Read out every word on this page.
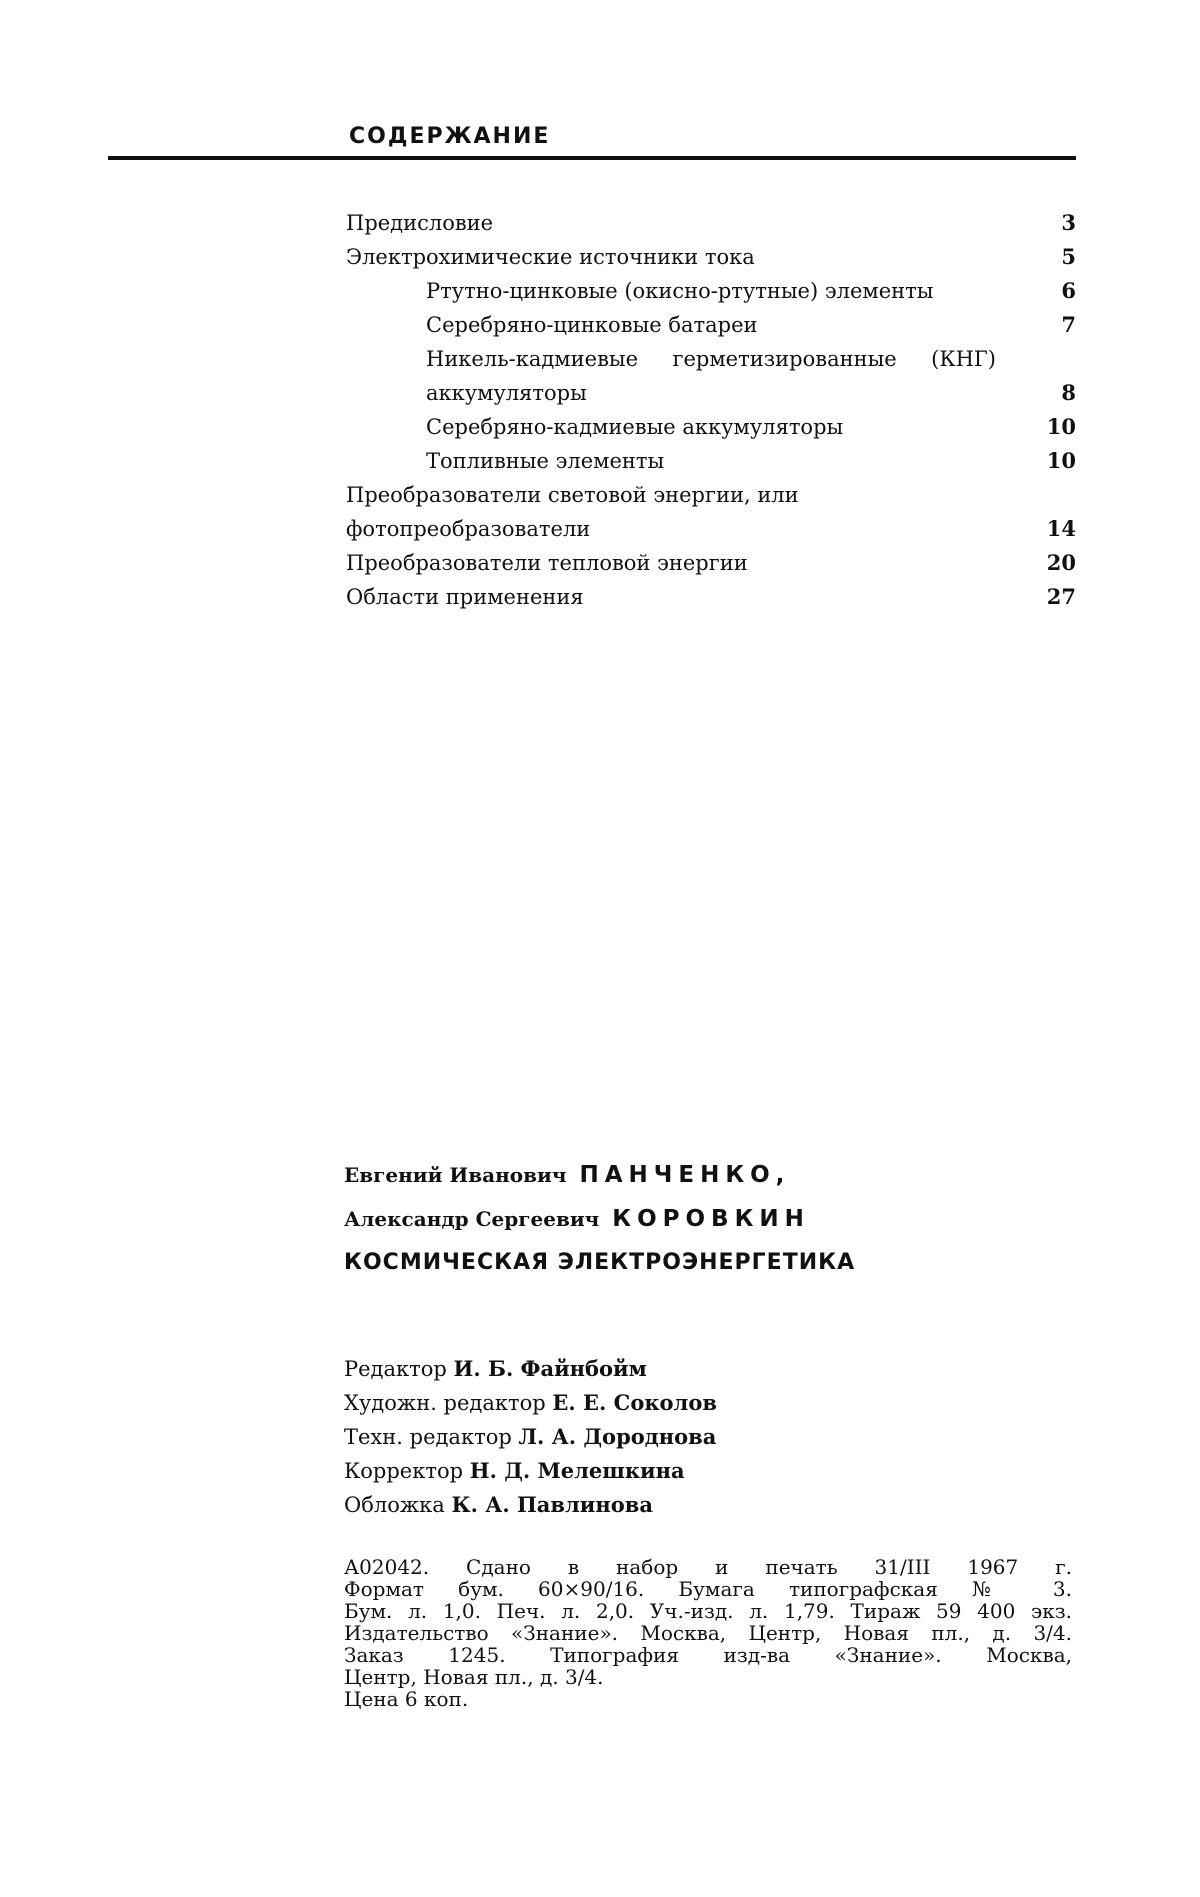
СОДЕРЖАНИЕ
Предисловие	3
Электрохимические источники тока	5
Ртутно-цинковые (окисно-ртутные) элементы	6
Серебряно-цинковые батареи	7
Никель-кадмиевые герметизированные (КНГ) аккумуляторы	8
Серебряно-кадмиевые аккумуляторы	10
Топливные элементы	10
Преобразователи световой энергии, или фотопреобразователи	14
Преобразователи тепловой энергии	20
Области применения	27
Евгений Иванович ПАНЧЕНКО,
Александр Сергеевич КОРОВКИН
КОСМИЧЕСКАЯ ЭЛЕКТРОЭНЕРГЕТИКА
Редактор И. Б. Файнбойм
Художн. редактор Е. Е. Соколов
Техн. редактор Л. А. Дороднова
Корректор Н. Д. Мелешкина
Обложка К. А. Павлинова
А02042. Сдано в набор и печать 31/III 1967 г.
Формат бум. 60×90/16. Бумага типографская № 3.
Бум. л. 1,0. Печ. л. 2,0. Уч.-изд. л. 1,79. Тираж 59 400 экз.
Издательство «Знание». Москва, Центр, Новая пл., д. 3/4.
Заказ 1245. Типография изд-ва «Знание». Москва,
Центр, Новая пл., д. 3/4.
Цена 6 коп.
